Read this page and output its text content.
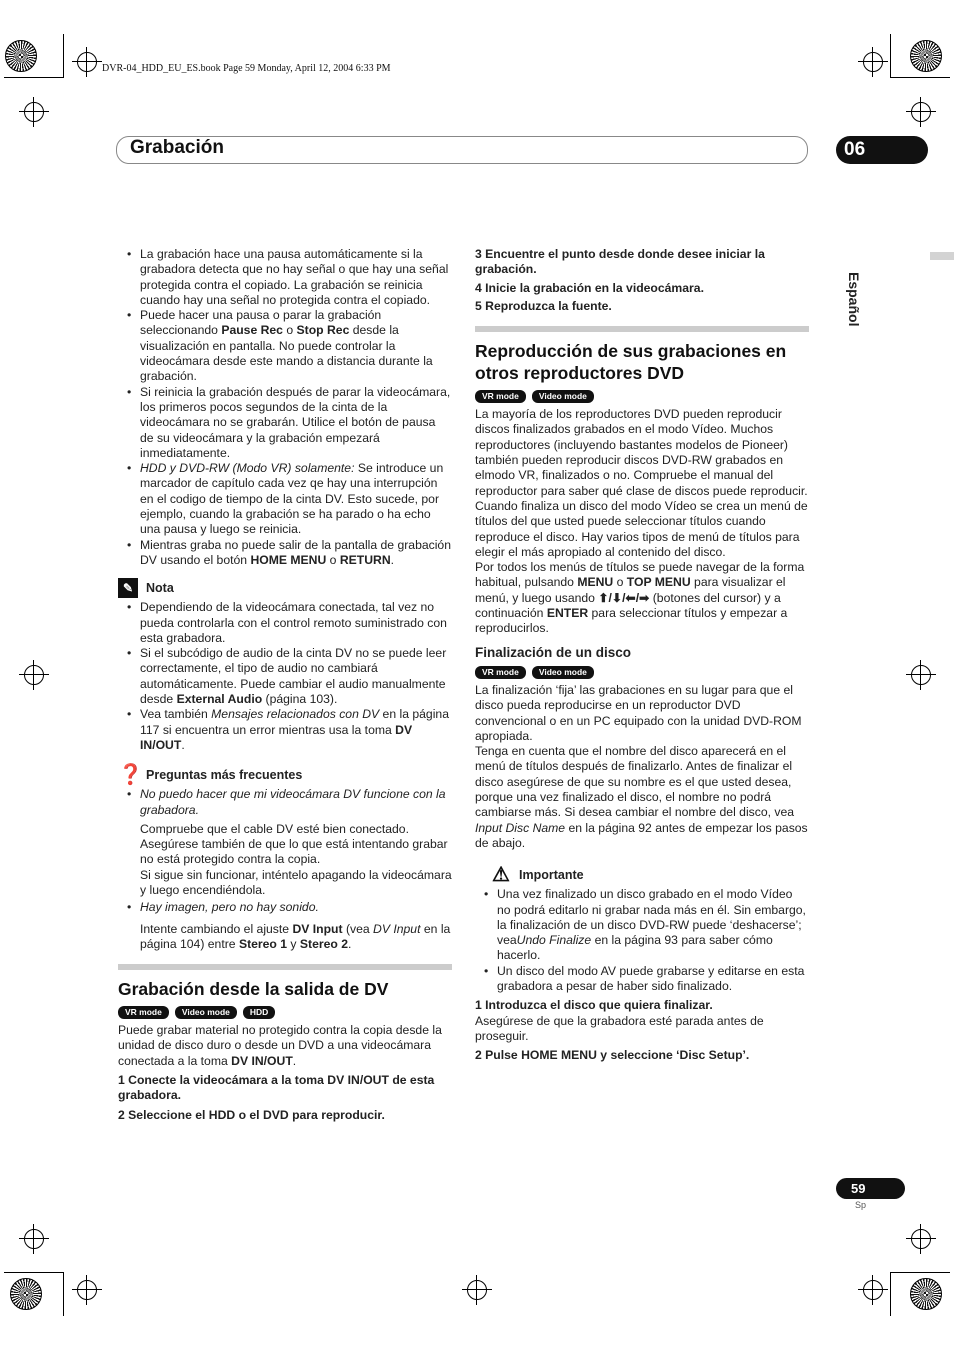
DVR-04_HDD_EU_ES.book Page 59 Monday, April 12, 2004 6:33 PM
Grabación	06
Español
• La grabación hace una pausa automáticamente si la grabadora detecta que no hay señal o que hay una señal protegida contra el copiado. La grabación se reinicia cuando hay una señal no protegida contra el copiado.
• Puede hacer una pausa o parar la grabación seleccionando Pause Rec o Stop Rec desde la visualización en pantalla. No puede controlar la videocámara desde este mando a distancia durante la grabación.
• Si reinicia la grabación después de parar la videocámara, los primeros pocos segundos de la cinta de la videocámara no se grabarán. Utilice el botón de pausa de su videocámara y la grabación empezará inmediatamente.
• HDD y DVD-RW (Modo VR) solamente: Se introduce un marcador de capítulo cada vez qe hay una interrupción en el codigo de tiempo de la cinta DV. Esto sucede, por ejemplo, cuando la grabación se ha parado o ha echo una pausa y luego se reinicia.
• Mientras graba no puede salir de la pantalla de grabación DV usando el botón HOME MENU o RETURN.
✎	Nota
• Dependiendo de la videocámara conectada, tal vez no pueda controlarla con el control remoto suministrado con esta grabadora.
• Si el subcódigo de audio de la cinta DV no se puede leer correctamente, el tipo de audio no cambiará automáticamente. Puede cambiar el audio manualmente desde External Audio (página 103).
• Vea también Mensajes relacionados con DV en la página 117 si encuentra un error mientras usa la toma DV IN/OUT.
❓ Preguntas más frecuentes
• No puedo hacer que mi videocámara DV funcione con la grabadora.

Compruebe que el cable DV esté bien conectado. Asegúrese también de que lo que está intentando grabar no está protegido contra la copia.

Si sigue sin funcionar, inténtelo apagando la videocámara y luego encendiéndola.

• Hay imagen, pero no hay sonido.

Intente cambiando el ajuste DV Input (vea DV Input en la página 104) entre Stereo 1 y Stereo 2.

Grabación desde la salida de DV
VR mode	Video mode	HDD

Puede grabar material no protegido contra la copia desde la unidad de disco duro o desde un DVD a una videocámara conectada a la toma DV IN/OUT.

1 Conecte la videocámara a la toma DV IN/OUT de esta grabadora.

2 Seleccione el HDD o el DVD para reproducir.

3 Encuentre el punto desde donde desee iniciar la grabación.

4 Inicie la grabación en la videocámara.

5 Reproduzca la fuente.

Reproducción de sus grabaciones en otros reproductores DVD
VR mode	Video mode

La mayoría de los reproductores DVD pueden reproducir discos finalizados grabados en el modo Vídeo. Muchos reproductores (incluyendo bastantes modelos de Pioneer) también pueden reproducir discos DVD-RW grabados en elmodo VR, finalizados o no. Compruebe el manual del reproductor para saber qué clase de discos puede reproducir.

Cuando finaliza un disco del modo Vídeo se crea un menú de títulos del que usted puede seleccionar títulos cuando reproduce el disco. Hay varios tipos de menú de títulos para elegir el más apropiado al contenido del disco.

Por todos los menús de títulos se puede navegar de la forma habitual, pulsando MENU o TOP MENU para visualizar el menú, y luego usando ⬆/⬇/⬅/➡ (botones del cursor) y a continuación ENTER para seleccionar títulos y empezar a reproducirlos.

Finalización de un disco
VR mode	Video mode

La finalización ‘fija’ las grabaciones en su lugar para que el disco pueda reproducirse en un reproductor DVD convencional o en un PC equipado con la unidad DVD-ROM apropiada.

Tenga en cuenta que el nombre del disco aparecerá en el menú de títulos después de finalizarlo. Antes de finalizar el disco asegúrese de que su nombre es el que usted desea, porque una vez finalizado el disco, el nombre no podrá cambiarse más. Si desea cambiar el nombre del disco, vea Input Disc Name en la página 92 antes de empezar los pasos de abajo.

⚠ Importante
• Una vez finalizado un disco grabado en el modo Vídeo no podrá editarlo ni grabar nada más en él. Sin embargo, la finalización de un disco DVD-RW puede ‘deshacerse’; veaUndo Finalize en la página 93 para saber cómo hacerlo.
• Un disco del modo AV puede grabarse y editarse en esta grabadora a pesar de haber sido finalizado.

1 Introduzca el disco que quiera finalizar.

Asegúrese de que la grabadora esté parada antes de proseguir.

2 Pulse HOME MENU y seleccione ‘Disc Setup’.

59
Sp
